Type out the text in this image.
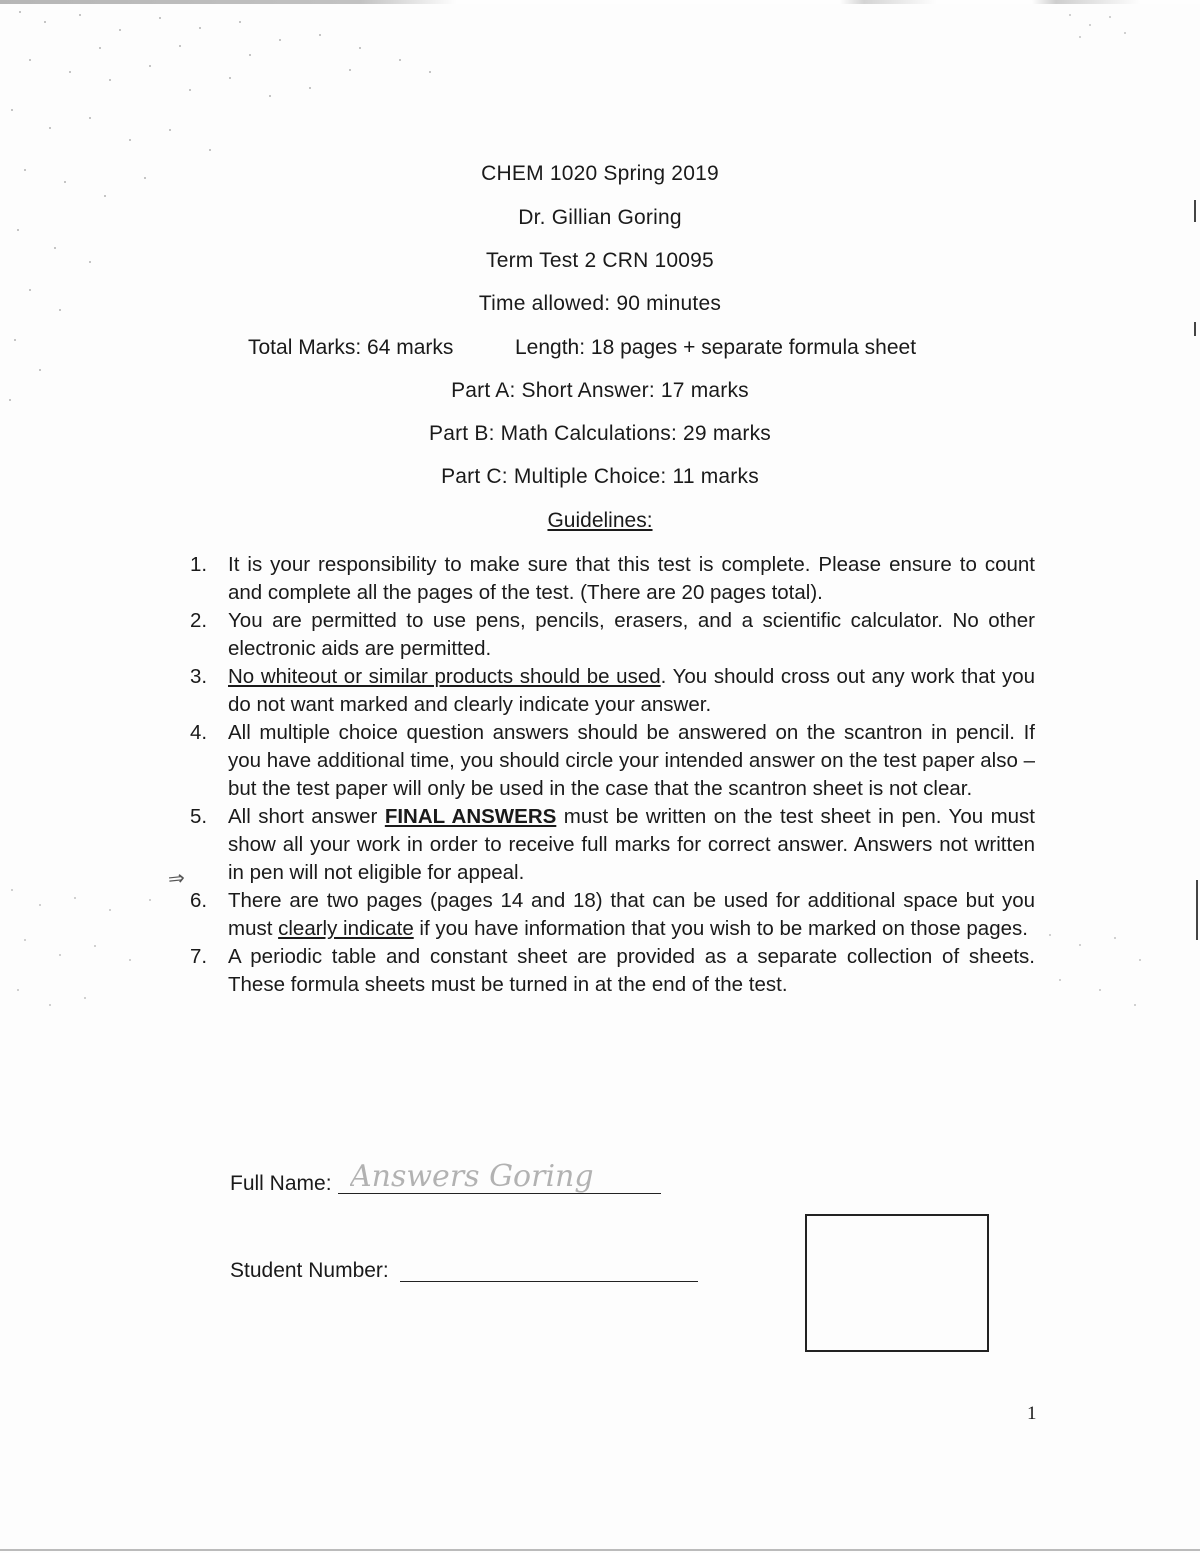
CHEM 1020 Spring 2019
Dr. Gillian Goring
Term Test 2 CRN 10095
Time allowed: 90 minutes
Total Marks: 64 marks	Length: 18 pages + separate formula sheet
Part A: Short Answer: 17 marks
Part B: Math Calculations: 29 marks
Part C: Multiple Choice: 11 marks
Guidelines:
1. It is your responsibility to make sure that this test is complete. Please ensure to count and complete all the pages of the test. (There are 20 pages total).
2. You are permitted to use pens, pencils, erasers, and a scientific calculator. No other electronic aids are permitted.
3. No whiteout or similar products should be used. You should cross out any work that you do not want marked and clearly indicate your answer.
4. All multiple choice question answers should be answered on the scantron in pencil. If you have additional time, you should circle your intended answer on the test paper also – but the test paper will only be used in the case that the scantron sheet is not clear.
5. All short answer FINAL ANSWERS must be written on the test sheet in pen. You must show all your work in order to receive full marks for correct answer. Answers not written in pen will not eligible for appeal.
6. There are two pages (pages 14 and 18) that can be used for additional space but you must clearly indicate if you have information that you wish to be marked on those pages.
7. A periodic table and constant sheet are provided as a separate collection of sheets. These formula sheets must be turned in at the end of the test.
⇒
Full Name: Answers Goring
Student Number:
1
